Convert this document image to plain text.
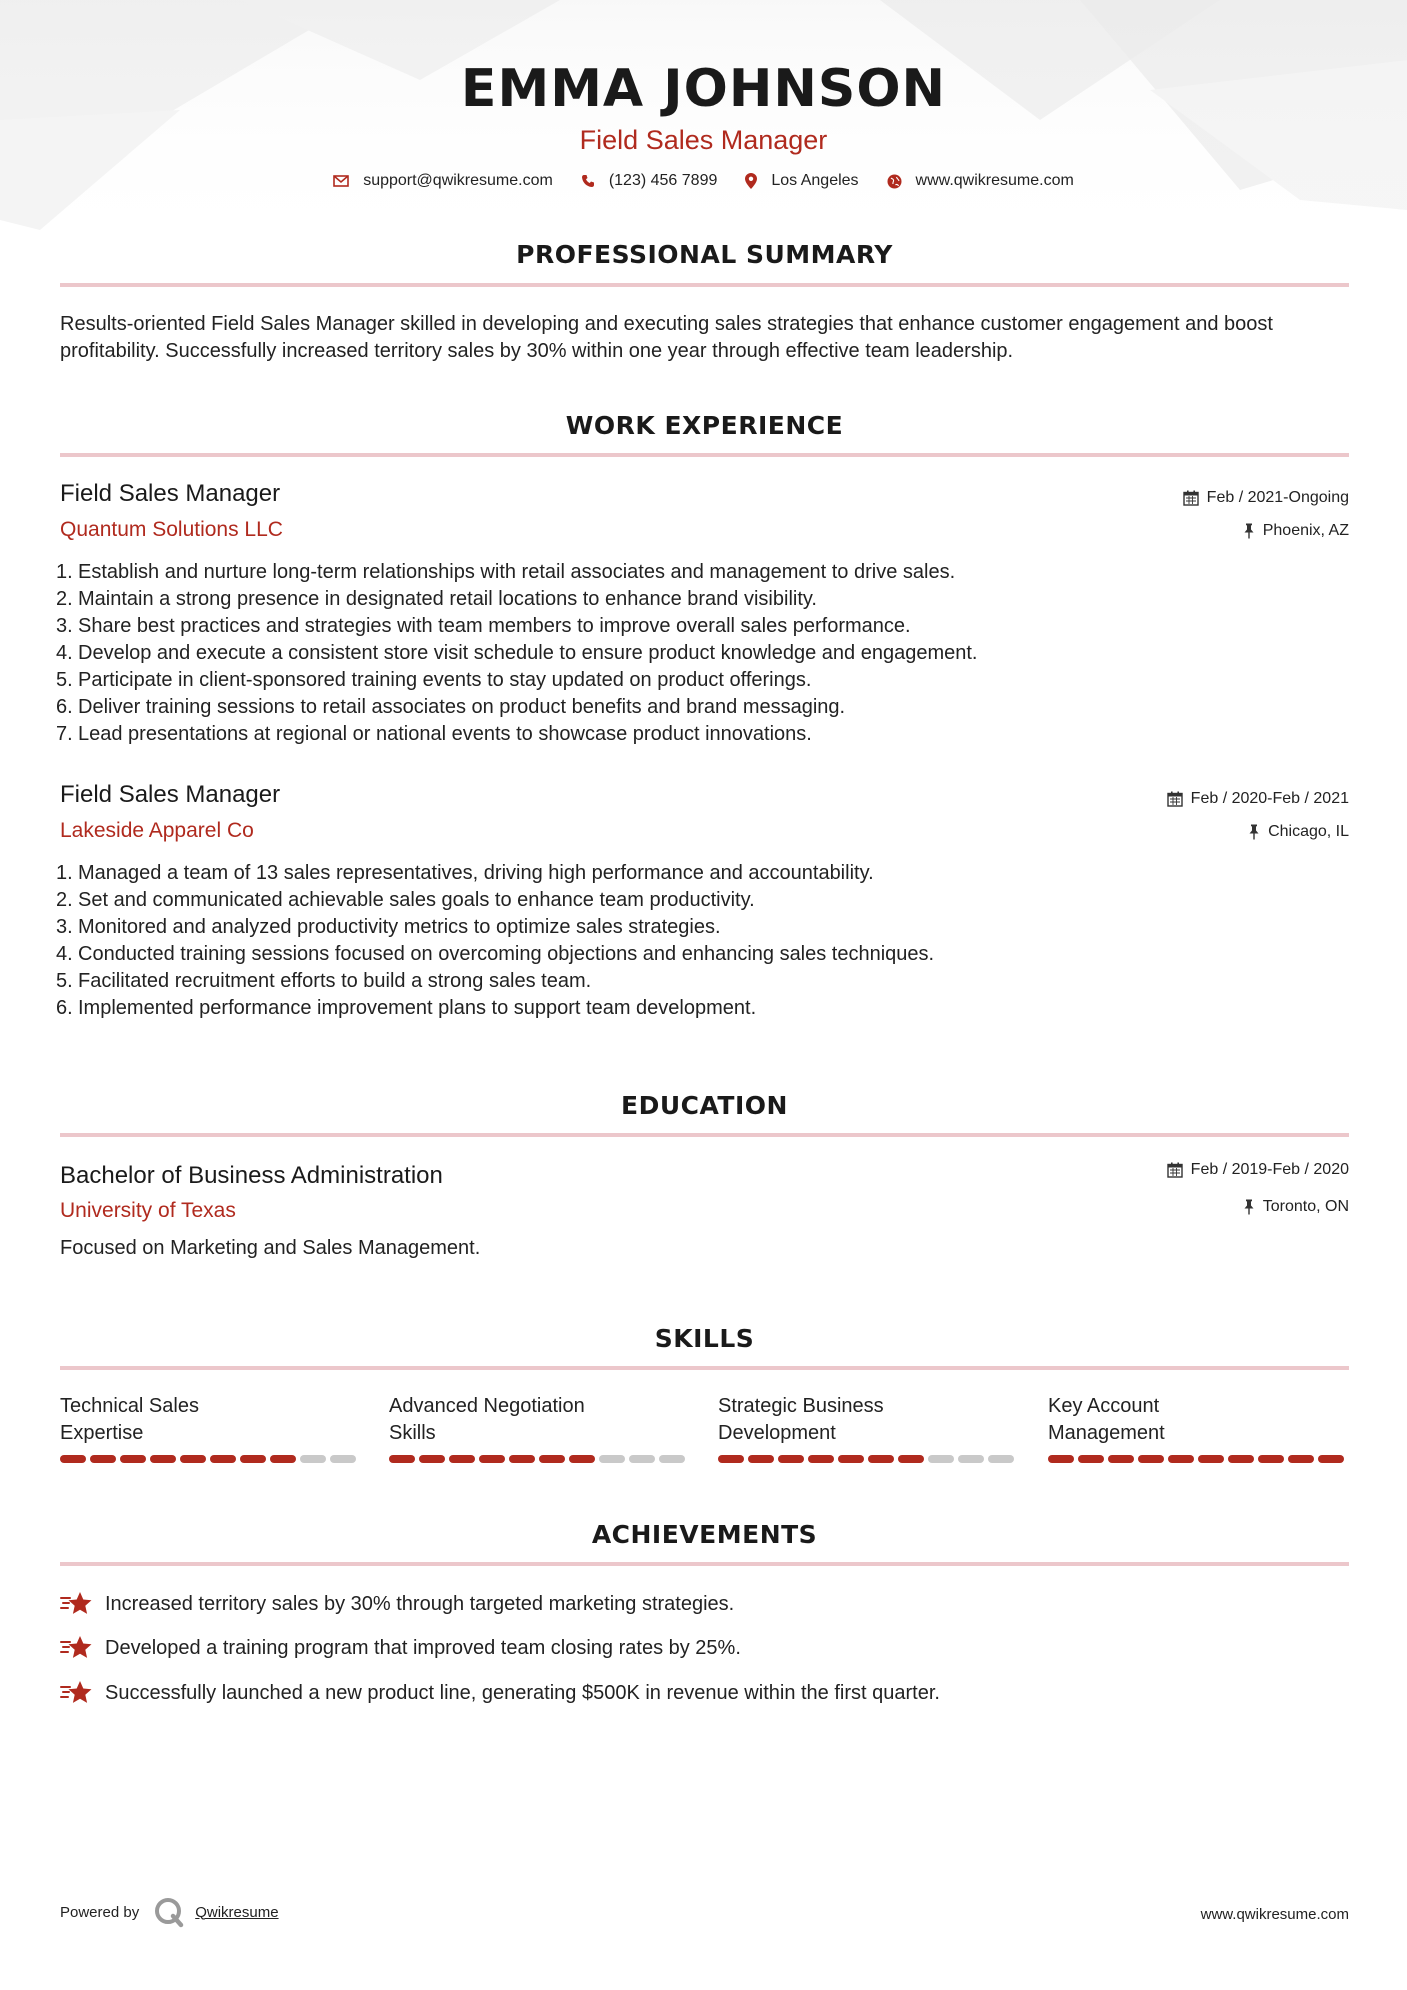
EMMA JOHNSON
Field Sales Manager
support@qwikresume.com	(123) 456 7899	Los Angeles	www.qwikresume.com
PROFESSIONAL SUMMARY
Results-oriented Field Sales Manager skilled in developing and executing sales strategies that enhance customer engagement and boost profitability. Successfully increased territory sales by 30% within one year through effective team leadership.
WORK EXPERIENCE
Field Sales Manager	Feb / 2021-Ongoing
Quantum Solutions LLC	Phoenix, AZ
1. Establish and nurture long-term relationships with retail associates and management to drive sales.
2. Maintain a strong presence in designated retail locations to enhance brand visibility.
3. Share best practices and strategies with team members to improve overall sales performance.
4. Develop and execute a consistent store visit schedule to ensure product knowledge and engagement.
5. Participate in client-sponsored training events to stay updated on product offerings.
6. Deliver training sessions to retail associates on product benefits and brand messaging.
7. Lead presentations at regional or national events to showcase product innovations.
Field Sales Manager	Feb / 2020-Feb / 2021
Lakeside Apparel Co	Chicago, IL
1. Managed a team of 13 sales representatives, driving high performance and accountability.
2. Set and communicated achievable sales goals to enhance team productivity.
3. Monitored and analyzed productivity metrics to optimize sales strategies.
4. Conducted training sessions focused on overcoming objections and enhancing sales techniques.
5. Facilitated recruitment efforts to build a strong sales team.
6. Implemented performance improvement plans to support team development.
EDUCATION
Bachelor of Business Administration	Feb / 2019-Feb / 2020
University of Texas	Toronto, ON
Focused on Marketing and Sales Management.
SKILLS
Technical Sales Expertise
Advanced Negotiation Skills
Strategic Business Development
Key Account Management
ACHIEVEMENTS
Increased territory sales by 30% through targeted marketing strategies.
Developed a training program that improved team closing rates by 25%.
Successfully launched a new product line, generating $500K in revenue within the first quarter.
Powered by	Qwikresume	www.qwikresume.com
